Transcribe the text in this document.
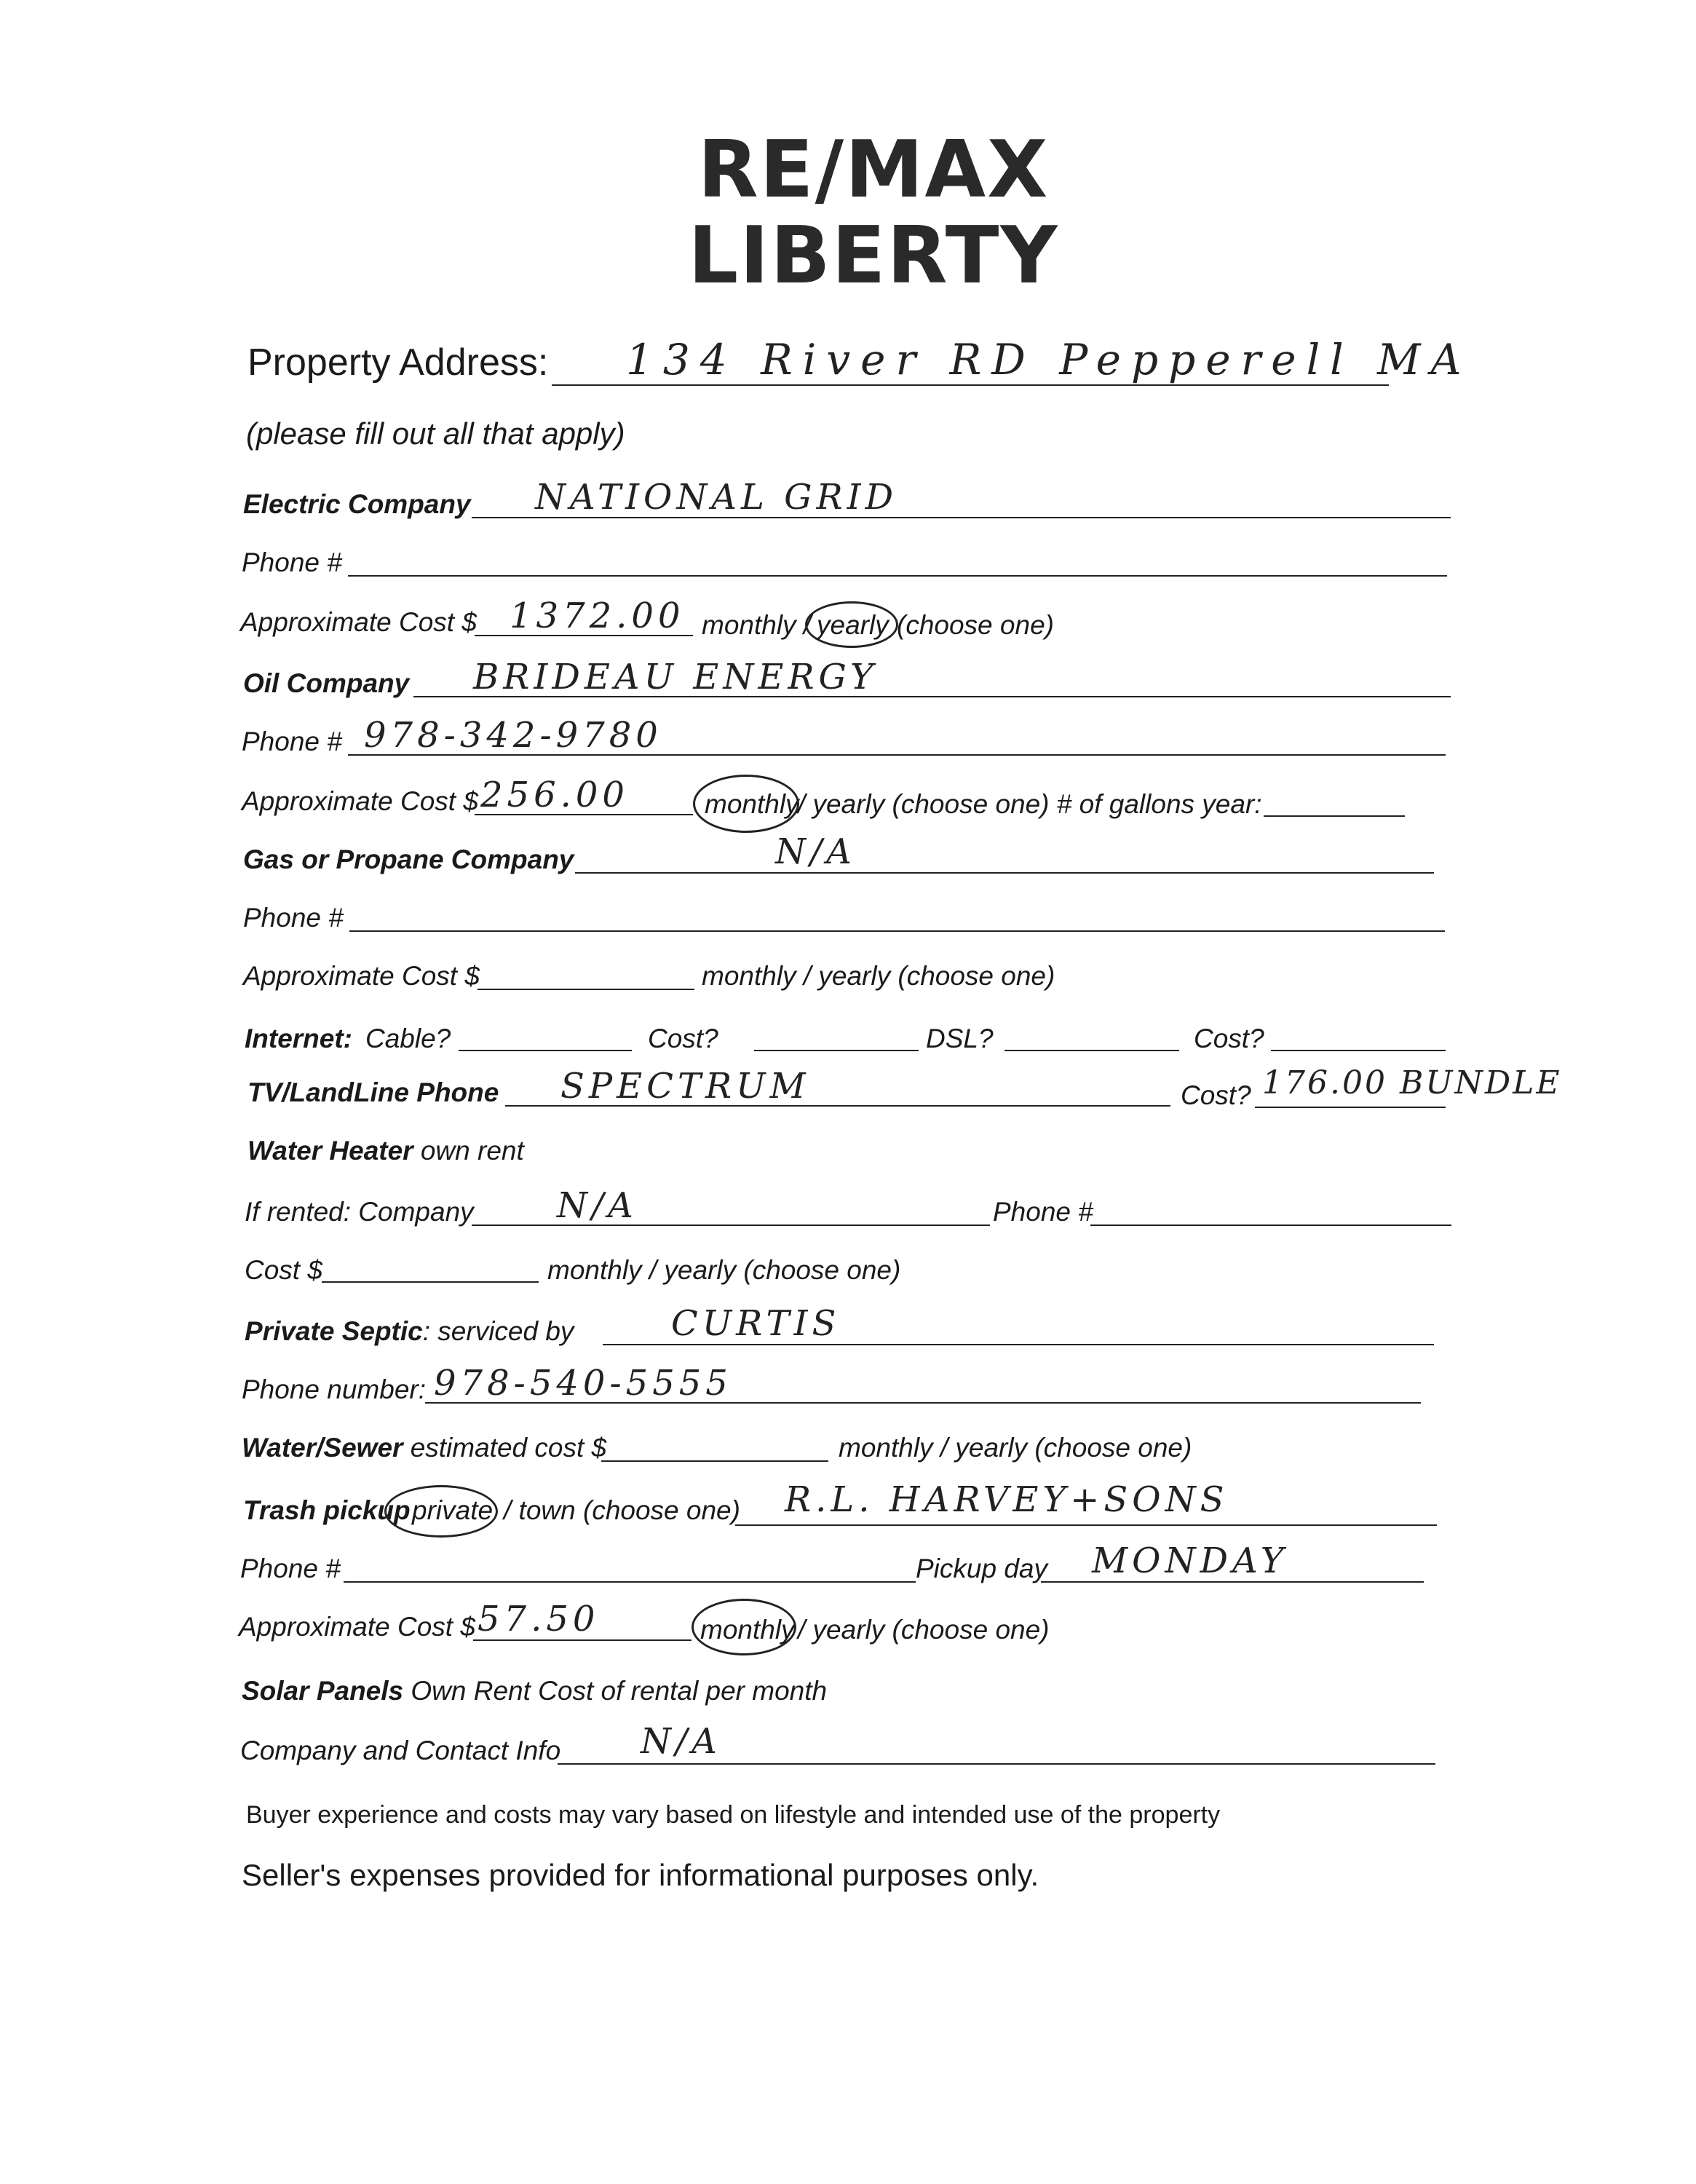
RE/MAX
LIBERTY
Property Address: 134 River RD Pepperell MA
(please fill out all that apply)
Electric Company NATIONAL GRID
Phone #
Approximate Cost $ 1372.00 monthly / yearly (choose one)
Oil Company BRIDEAU ENERGY
Phone # 978-342-9780
Approximate Cost $ 256.00	monthly
/ yearly (choose one) # of gallons year:
Gas or Propane Company	N/A
Phone #
Approximate Cost $	monthly / yearly (choose one)
Internet: Cable?	Cost?	DSL?	Cost?
TV/LandLine Phone SPECTRUM	Cost? 176.00 BUNDLE
Water Heater own rent
If rented: Company N/A	Phone #
Cost $	monthly / yearly (choose one)
Private Septic: serviced by	CURTIS
Phone number: 978-540-5555
Water/Sewer estimated cost $	monthly / yearly (choose one)
Trash pickup private / town (choose one) R.L. HARVEY+SONS
Phone #	Pickup day MONDAY
Approximate Cost $ 57.50	monthly / yearly (choose one)
Solar Panels Own Rent Cost of rental per month
Company and Contact Info N/A
Buyer experience and costs may vary based on lifestyle and intended use of the property
Seller's expenses provided for informational purposes only.
